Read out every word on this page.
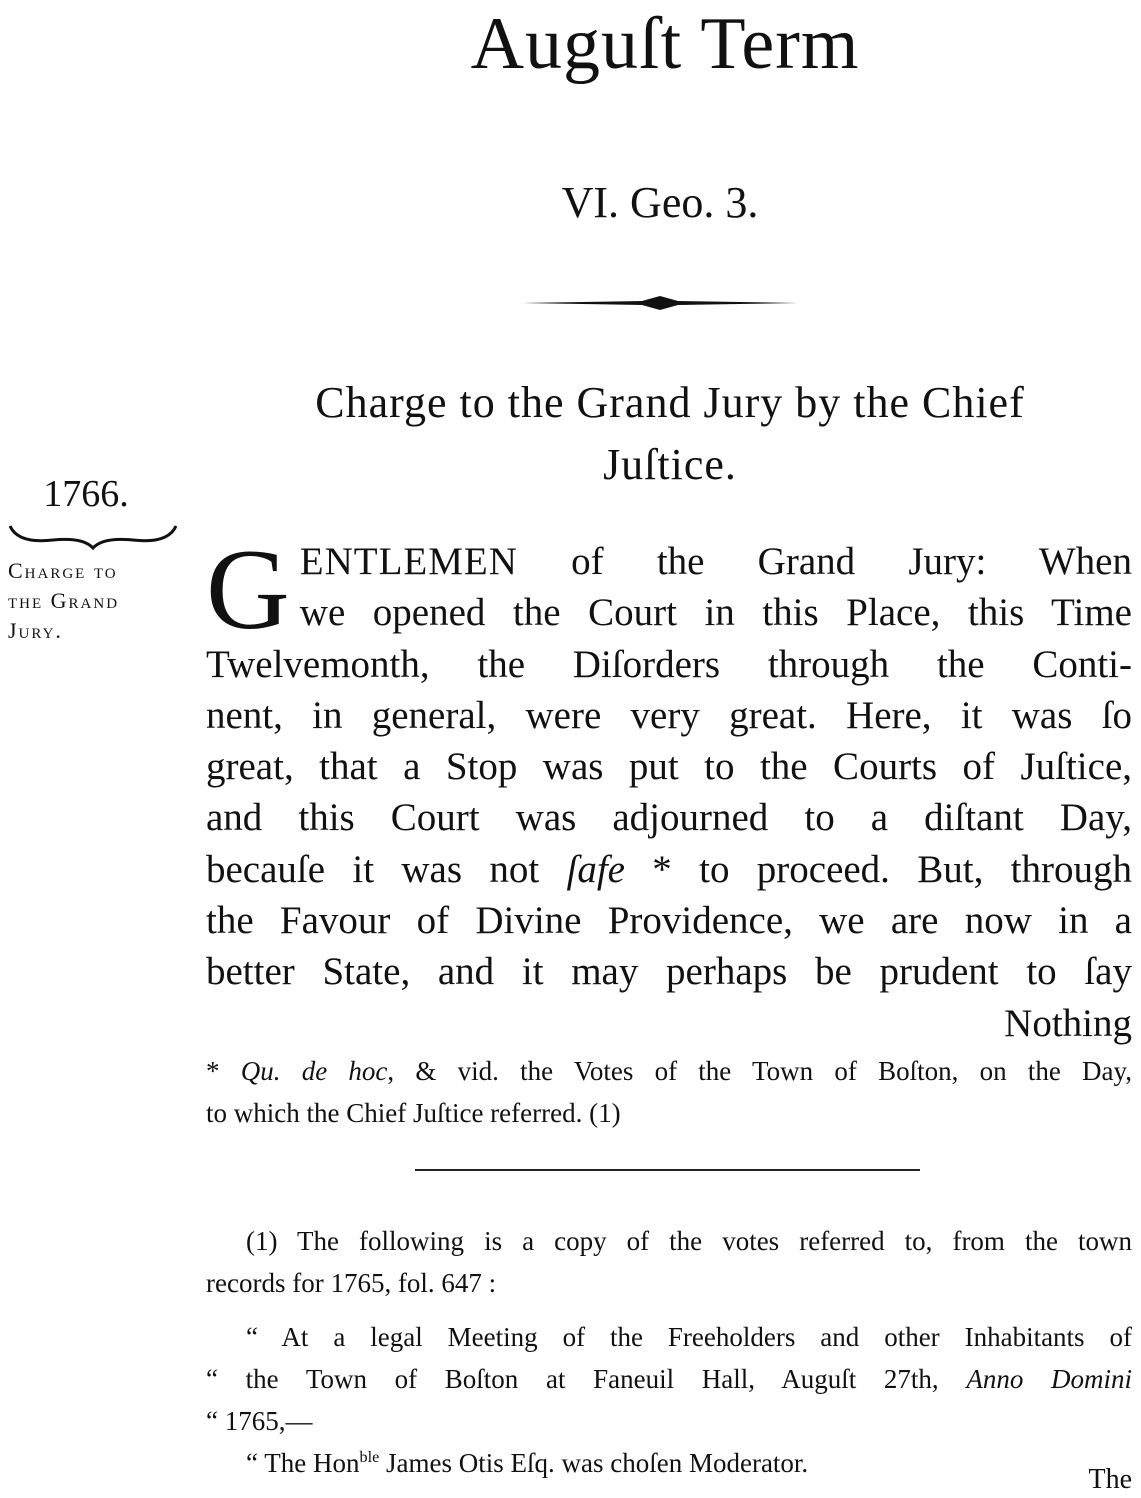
Auguſt Term
VI. Geo. 3.
Charge to the Grand Jury by the Chief
Juſtice.
1766.
Charge to
the Grand
Jury.	G ENTLEMEN of the Grand Jury: When
we opened the Court in this Place, this Time
Twelvemonth, the Diſorders through the Conti-
nent, in general, were very great. Here, it was ſo
great, that a Stop was put to the Courts of Juſtice,
and this Court was adjourned to a diſtant Day,
becauſe it was not ſafe * to proceed. But, through
the Favour of Divine Providence, we are now in a
better State, and it may perhaps be prudent to ſay
Nothing
* Qu. de hoc, & vid. the Votes of the Town of Boſton, on the Day,
to which the Chief Juſtice referred. (1)
(1) The following is a copy of the votes referred to, from the town
records for 1765, fol. 647 :
“ At a legal Meeting of the Freeholders and other Inhabitants of
“ the Town of Boſton at Faneuil Hall, Auguſt 27th, Anno Domini
“ 1765,—
“ The Hon$^{ble}$ James Otis Eſq. was choſen Moderator.
The
